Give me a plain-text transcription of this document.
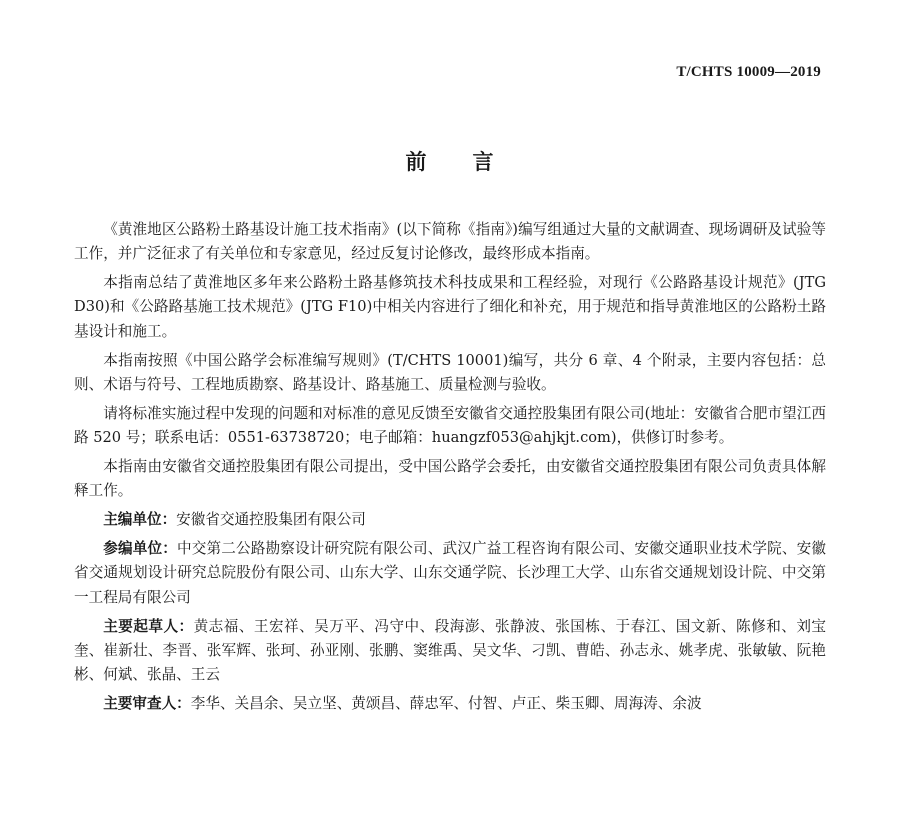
T/CHTS 10009—2019
前言

《黄淮地区公路粉土路基设计施工技术指南》(以下简称《指南》)编写组通过大量的文献调查、现场调研及试验等工作，并广泛征求了有关单位和专家意见，经过反复讨论修改，最终形成本指南。

本指南总结了黄淮地区多年来公路粉土路基修筑技术科技成果和工程经验，对现行《公路路基设计规范》(JTG D30)和《公路路基施工技术规范》(JTG F10)中相关内容进行了细化和补充，用于规范和指导黄淮地区的公路粉土路基设计和施工。

本指南按照《中国公路学会标准编写规则》(T/CHTS 10001)编写，共分 6 章、4 个附录，主要内容包括：总则、术语与符号、工程地质勘察、路基设计、路基施工、质量检测与验收。

请将标准实施过程中发现的问题和对标准的意见反馈至安徽省交通控股集团有限公司(地址：安徽省合肥市望江西路 520 号；联系电话：0551-63738720；电子邮箱：huangzf053@ahjkjt.com)，供修订时参考。

本指南由安徽省交通控股集团有限公司提出，受中国公路学会委托，由安徽省交通控股集团有限公司负责具体解释工作。

主编单位：安徽省交通控股集团有限公司

参编单位：中交第二公路勘察设计研究院有限公司、武汉广益工程咨询有限公司、安徽交通职业技术学院、安徽省交通规划设计研究总院股份有限公司、山东大学、山东交通学院、长沙理工大学、山东省交通规划设计院、中交第一工程局有限公司

主要起草人：黄志福、王宏祥、吴万平、冯守中、段海澎、张静波、张国栋、于春江、国文新、陈修和、刘宝奎、崔新壮、李晋、张军辉、张珂、孙亚刚、张鹏、窦维禹、吴文华、刁凯、曹皓、孙志永、姚孝虎、张敏敏、阮艳彬、何斌、张晶、王云

主要审查人：李华、关昌余、吴立坚、黄颂昌、薛忠军、付智、卢正、柴玉卿、周海涛、余波
